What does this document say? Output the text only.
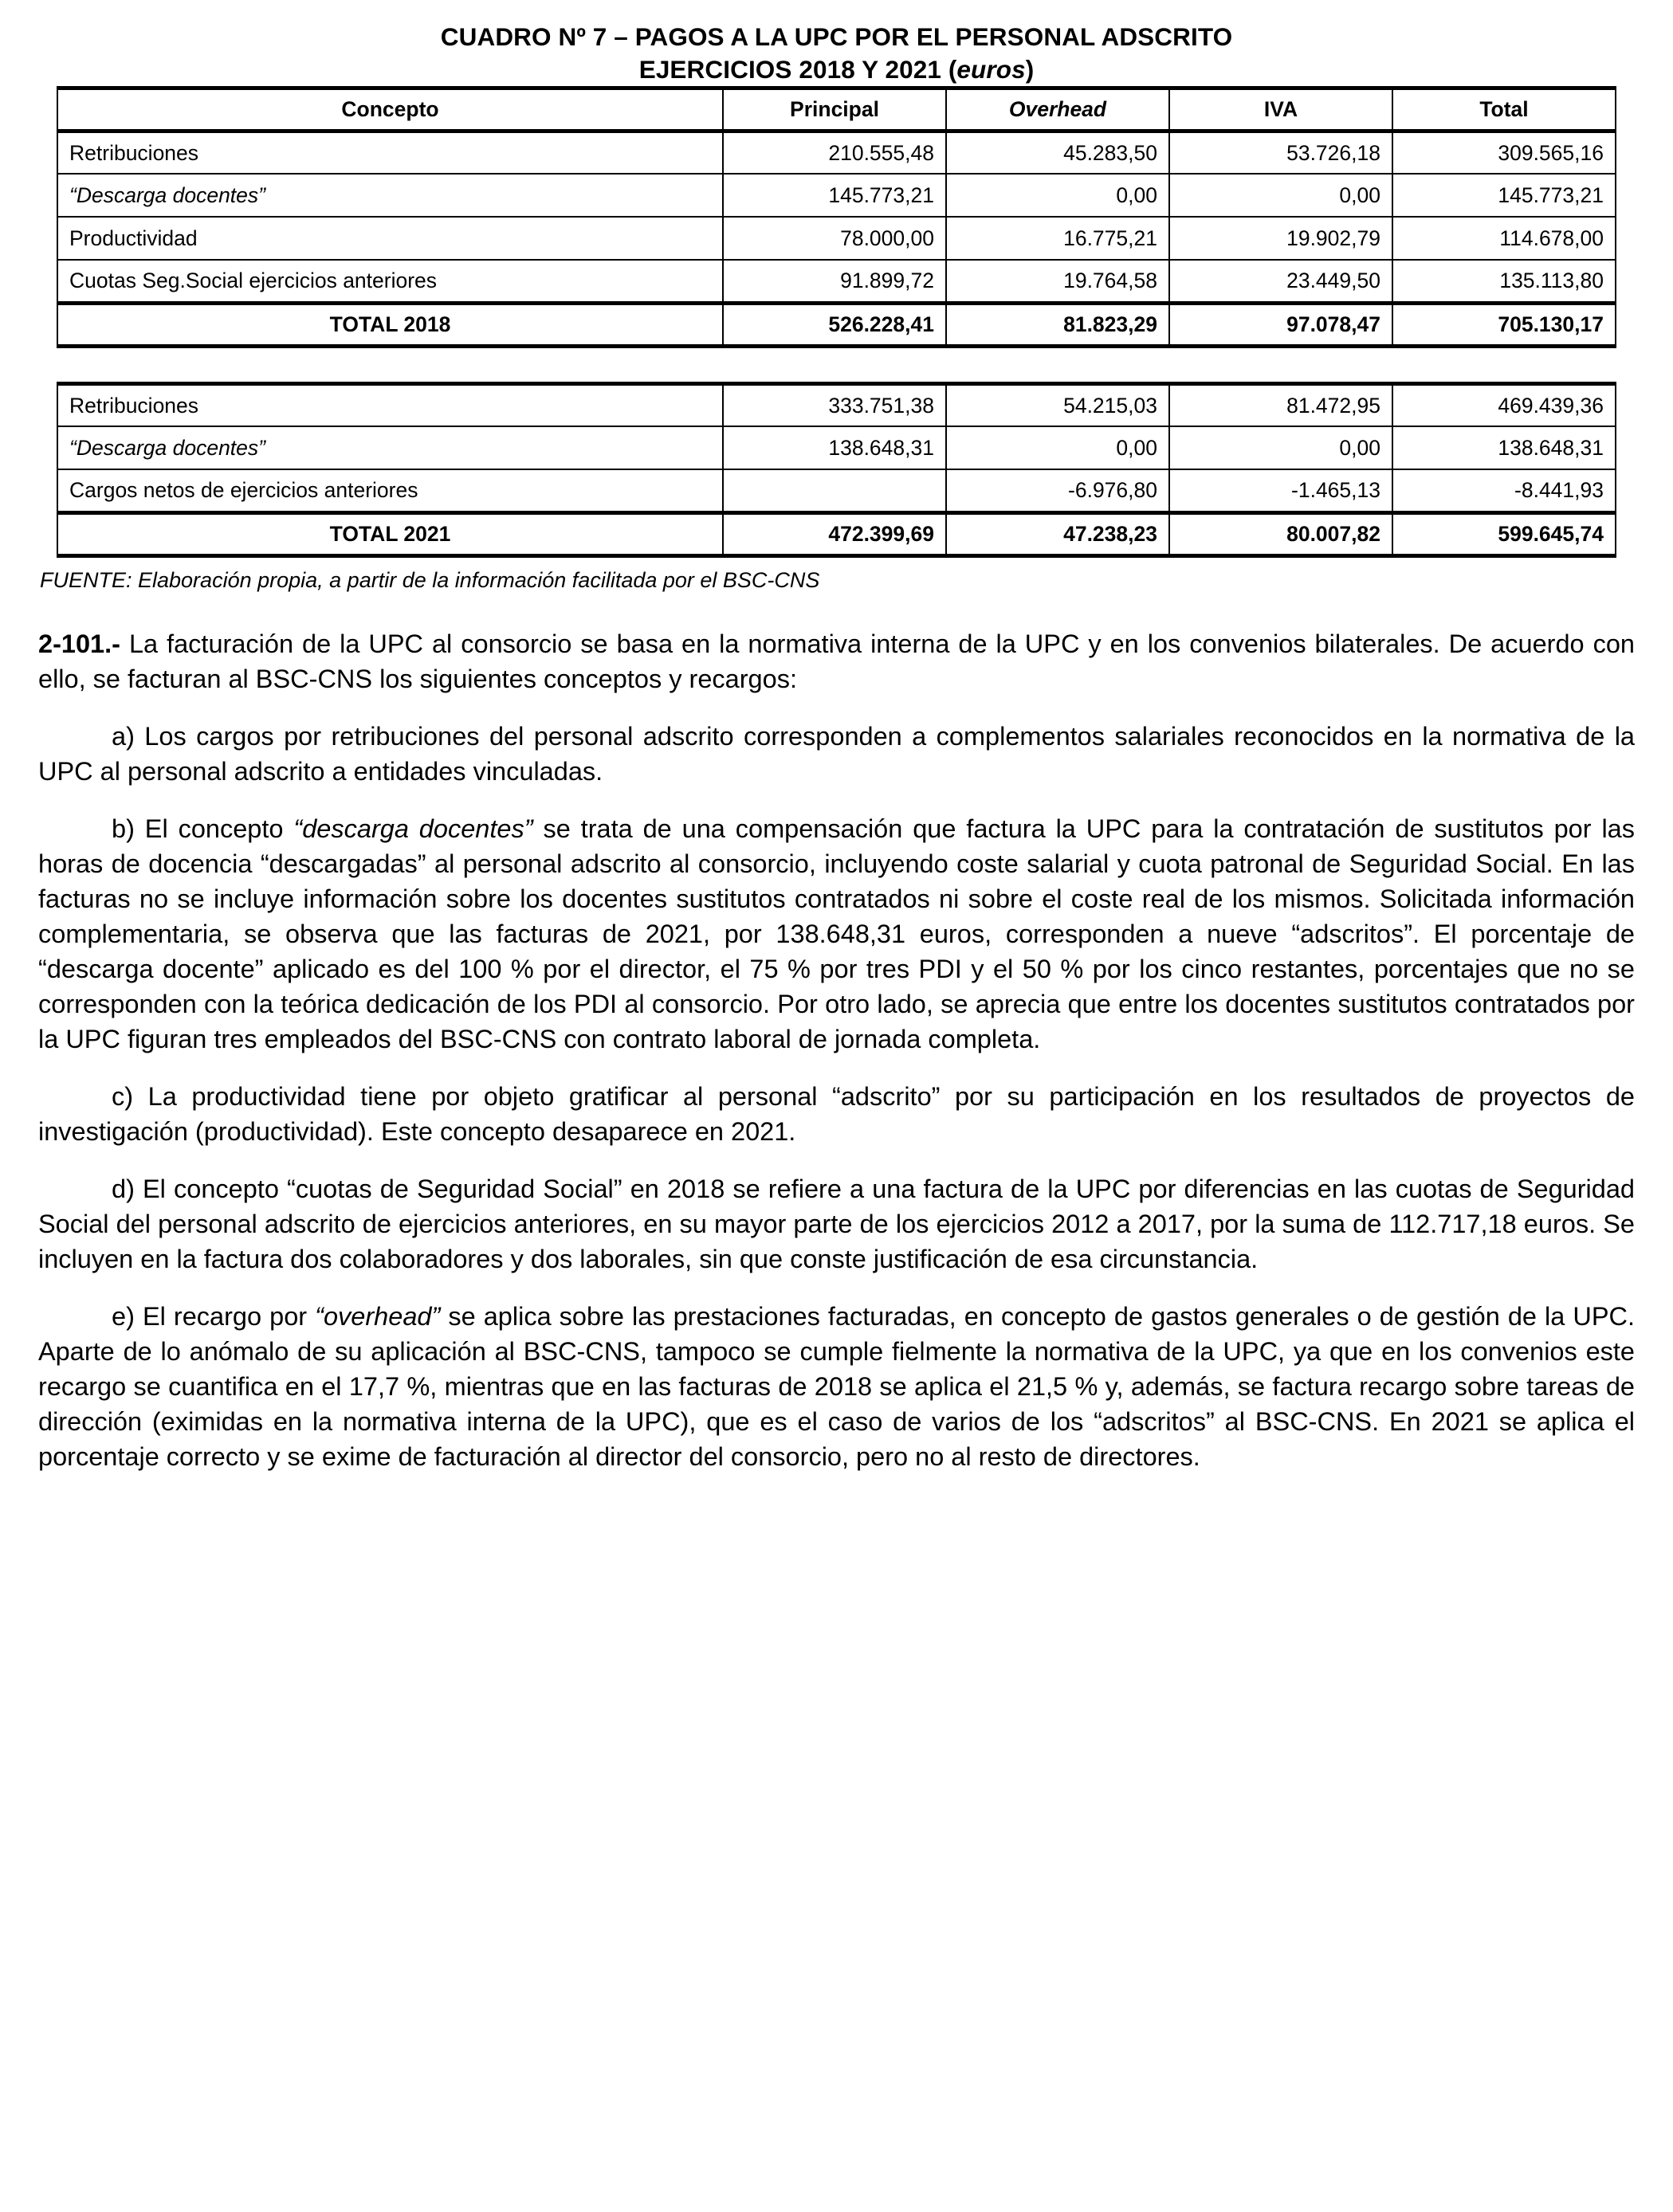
CUADRO Nº 7 – PAGOS A LA UPC POR EL PERSONAL ADSCRITO
EJERCICIOS 2018 Y 2021 (euros)
Concepto	Principal	Overhead	IVA	Total
Retribuciones	210.555,48	45.283,50	53.726,18	309.565,16
“Descarga docentes”	145.773,21	0,00	0,00	145.773,21
Productividad	78.000,00	16.775,21	19.902,79	114.678,00
Cuotas Seg.Social ejercicios anteriores	91.899,72	19.764,58	23.449,50	135.113,80
TOTAL 2018	526.228,41	81.823,29	97.078,47	705.130,17
Retribuciones	333.751,38	54.215,03	81.472,95	469.439,36
“Descarga docentes”	138.648,31	0,00	0,00	138.648,31
Cargos netos de ejercicios anteriores		-6.976,80	-1.465,13	-8.441,93
TOTAL 2021	472.399,69	47.238,23	80.007,82	599.645,74

FUENTE: Elaboración propia, a partir de la información facilitada por el BSC-CNS

2-101.- La facturación de la UPC al consorcio se basa en la normativa interna de la UPC y en los convenios bilaterales. De acuerdo con ello, se facturan al BSC-CNS los siguientes conceptos y recargos:

a) Los cargos por retribuciones del personal adscrito corresponden a complementos salariales reconocidos en la normativa de la UPC al personal adscrito a entidades vinculadas.

b) El concepto “descarga docentes” se trata de una compensación que factura la UPC para la contratación de sustitutos por las horas de docencia “descargadas” al personal adscrito al consorcio, incluyendo coste salarial y cuota patronal de Seguridad Social. En las facturas no se incluye información sobre los docentes sustitutos contratados ni sobre el coste real de los mismos. Solicitada información complementaria, se observa que las facturas de 2021, por 138.648,31 euros, corresponden a nueve “adscritos”. El porcentaje de “descarga docente” aplicado es del 100 % por el director, el 75 % por tres PDI y el 50 % por los cinco restantes, porcentajes que no se corresponden con la teórica dedicación de los PDI al consorcio. Por otro lado, se aprecia que entre los docentes sustitutos contratados por la UPC figuran tres empleados del BSC-CNS con contrato laboral de jornada completa.

c) La productividad tiene por objeto gratificar al personal “adscrito” por su participación en los resultados de proyectos de investigación (productividad). Este concepto desaparece en 2021.

d) El concepto “cuotas de Seguridad Social” en 2018 se refiere a una factura de la UPC por diferencias en las cuotas de Seguridad Social del personal adscrito de ejercicios anteriores, en su mayor parte de los ejercicios 2012 a 2017, por la suma de 112.717,18 euros. Se incluyen en la factura dos colaboradores y dos laborales, sin que conste justificación de esa circunstancia.

e) El recargo por “overhead” se aplica sobre las prestaciones facturadas, en concepto de gastos generales o de gestión de la UPC. Aparte de lo anómalo de su aplicación al BSC-CNS, tampoco se cumple fielmente la normativa de la UPC, ya que en los convenios este recargo se cuantifica en el 17,7 %, mientras que en las facturas de 2018 se aplica el 21,5 % y, además, se factura recargo sobre tareas de dirección (eximidas en la normativa interna de la UPC), que es el caso de varios de los “adscritos” al BSC-CNS. En 2021 se aplica el porcentaje correcto y se exime de facturación al director del consorcio, pero no al resto de directores.
